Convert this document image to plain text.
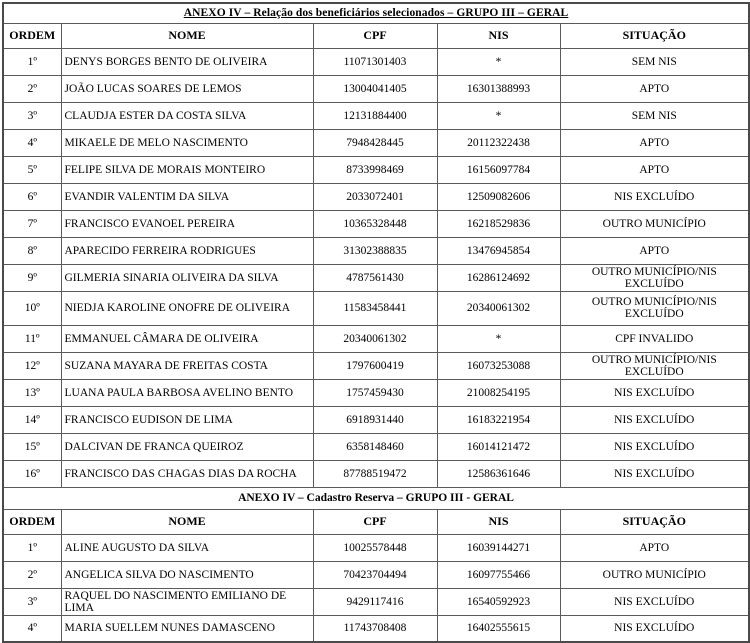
ANEXO IV – Relação dos beneficiários selecionados – GRUPO III – GERAL				
ORDEM	NOME	CPF	NIS	SITUAÇÃO
1º	DENYS BORGES BENTO DE OLIVEIRA	11071301403	*	SEM NIS
2º	JOÃO LUCAS SOARES DE LEMOS	13004041405	16301388993	APTO
3º	CLAUDJA ESTER DA COSTA SILVA	12131884400	*	SEM NIS
4º	MIKAELE DE MELO NASCIMENTO	7948428445	20112322438	APTO
5º	FELIPE SILVA DE MORAIS MONTEIRO	8733998469	16156097784	APTO
6º	EVANDIR VALENTIM DA SILVA	2033072401	12509082606	NIS EXCLUÍDO
7º	FRANCISCO EVANOEL PEREIRA	10365328448	16218529836	OUTRO MUNICÍPIO
8º	APARECIDO FERREIRA RODRIGUES	31302388835	13476945854	APTO
9º	GILMERIA SINARIA OLIVEIRA DA SILVA	4787561430	16286124692	OUTRO MUNICÍPIO/NIS EXCLUÍDO
10º	NIEDJA KAROLINE ONOFRE DE OLIVEIRA	11583458441	20340061302	OUTRO MUNICÍPIO/NIS EXCLUÍDO
11º	EMMANUEL CÂMARA DE OLIVEIRA	20340061302	*	CPF INVALIDO
12º	SUZANA MAYARA DE FREITAS COSTA	1797600419	16073253088	OUTRO MUNICÍPIO/NIS EXCLUÍDO
13º	LUANA PAULA BARBOSA AVELINO BENTO	1757459430	21008254195	NIS EXCLUÍDO
14º	FRANCISCO EUDISON DE LIMA	6918931440	16183221954	NIS EXCLUÍDO
15º	DALCIVAN DE FRANCA QUEIROZ	6358148460	16014121472	NIS EXCLUÍDO
16º	FRANCISCO DAS CHAGAS DIAS DA ROCHA	87788519472	12586361646	NIS EXCLUÍDO
ANEXO IV – Cadastro Reserva – GRUPO III - GERAL				
ORDEM	NOME	CPF	NIS	SITUAÇÃO
1º	ALINE AUGUSTO DA SILVA	10025578448	16039144271	APTO
2º	ANGELICA SILVA DO NASCIMENTO	70423704494	16097755466	OUTRO MUNICÍPIO
3º	RAQUEL DO NASCIMENTO EMILIANO DE LIMA	9429117416	16540592923	NIS EXCLUÍDO
4º	MARIA SUELLEM NUNES DAMASCENO	11743708408	16402555615	NIS EXCLUÍDO
